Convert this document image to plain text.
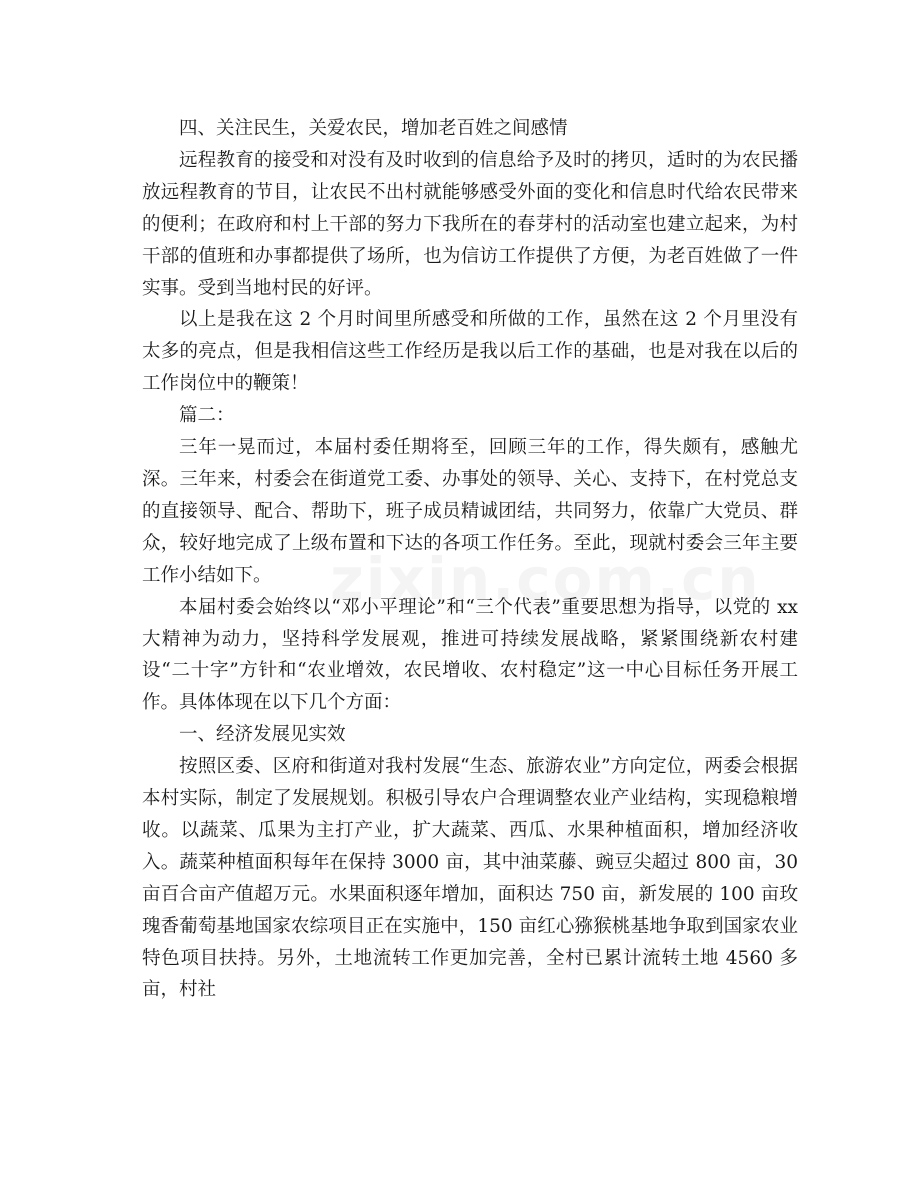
四、关注民生，关爱农民，增加老百姓之间感情

远程教育的接受和对没有及时收到的信息给予及时的拷贝，适时的为农民播放远程教育的节目，让农民不出村就能够感受外面的变化和信息时代给农民带来的便利；在政府和村上干部的努力下我所在的春芽村的活动室也建立起来，为村干部的值班和办事都提供了场所，也为信访工作提供了方便，为老百姓做了一件实事。受到当地村民的好评。

以上是我在这 2 个月时间里所感受和所做的工作，虽然在这 2 个月里没有太多的亮点，但是我相信这些工作经历是我以后工作的基础，也是对我在以后的工作岗位中的鞭策！

篇二：

三年一晃而过，本届村委任期将至，回顾三年的工作，得失颇有，感触尤深。三年来，村委会在街道党工委、办事处的领导、关心、支持下，在村党总支的直接领导、配合、帮助下，班子成员精诚团结，共同努力，依靠广大党员、群众，较好地完成了上级布置和下达的各项工作任务。至此，现就村委会三年主要工作小结如下。

本届村委会始终以“邓小平理论”和“三个代表”重要思想为指导，以党的 xx 大精神为动力，坚持科学发展观，推进可持续发展战略，紧紧围绕新农村建设“二十字”方针和“农业增效，农民增收、农村稳定”这一中心目标任务开展工作。具体体现在以下几个方面：

一、经济发展见实效

按照区委、区府和街道对我村发展“生态、旅游农业”方向定位，两委会根据本村实际，制定了发展规划。积极引导农户合理调整农业产业结构，实现稳粮增收。以蔬菜、瓜果为主打产业，扩大蔬菜、西瓜、水果种植面积，增加经济收入。蔬菜种植面积每年在保持 3000 亩，其中油菜藤、豌豆尖超过 800 亩，30 亩百合亩产值超万元。水果面积逐年增加，面积达 750 亩，新发展的 100 亩玫瑰香葡萄基地国家农综项目正在实施中，150 亩红心猕猴桃基地争取到国家农业特色项目扶持。另外，土地流转工作更加完善，全村已累计流转土地 4560 多亩，村社
